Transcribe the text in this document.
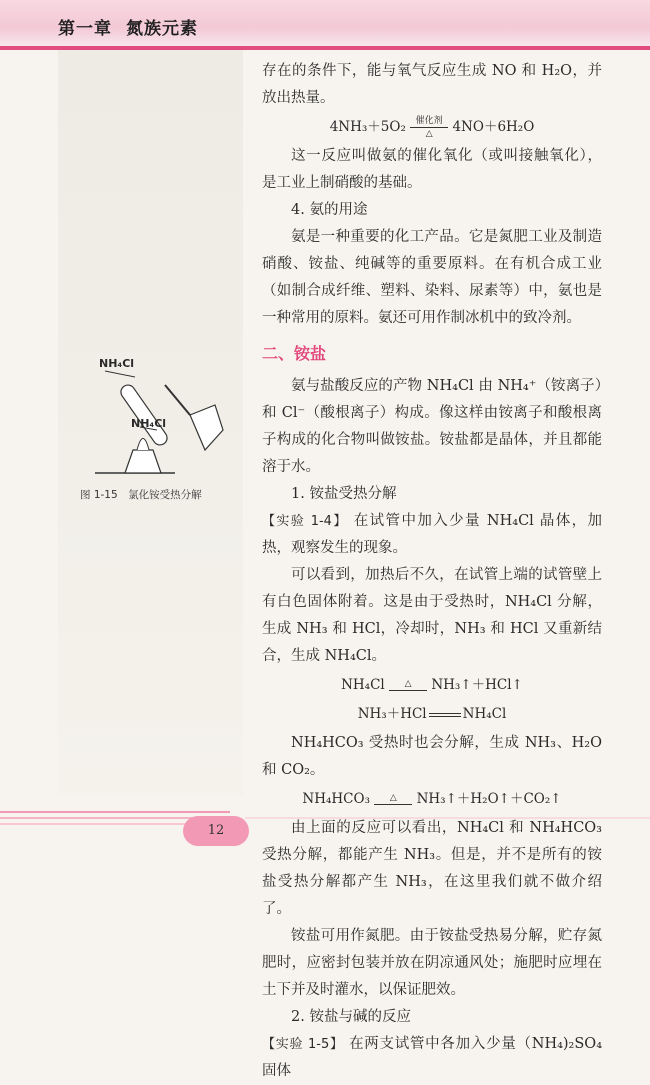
第一章 氮族元素
NH₄Cl
NH₄Cl
图 1-15　氯化铵受热分解

存在的条件下，能与氧气反应生成 NO 和 H₂O，并放出热量。

4NH₃＋5O₂	催化剂
△	4NO＋6H₂O

这一反应叫做氨的催化氧化（或叫接触氧化），是工业上制硝酸的基础。

4. 氨的用途

氨是一种重要的化工产品。它是氮肥工业及制造硝酸、铵盐、纯碱等的重要原料。在有机合成工业（如制合成纤维、塑料、染料、尿素等）中，氨也是一种常用的原料。氨还可用作制冰机中的致冷剂。

二、铵盐

氨与盐酸反应的产物 NH₄Cl 由 NH₄⁺（铵离子）和 Cl⁻（酸根离子）构成。像这样由铵离子和酸根离子构成的化合物叫做铵盐。铵盐都是晶体，并且都能溶于水。

1. 铵盐受热分解

【实验 1-4】 在试管中加入少量 NH₄Cl 晶体，加热，观察发生的现象。

可以看到，加热后不久，在试管上端的试管壁上有白色固体附着。这是由于受热时，NH₄Cl 分解，生成 NH₃ 和 HCl，冷却时，NH₃ 和 HCl 又重新结合，生成 NH₄Cl。

NH₄Cl	△	NH₃↑＋HCl↑
NH₃＋HCl	NH₄Cl

NH₄HCO₃ 受热时也会分解，生成 NH₃、H₂O 和 CO₂。

NH₄HCO₃	△	NH₃↑＋H₂O↑＋CO₂↑

由上面的反应可以看出，NH₄Cl 和 NH₄HCO₃ 受热分解，都能产生 NH₃。但是，并不是所有的铵盐受热分解都产生 NH₃，在这里我们就不做介绍了。

铵盐可用作氮肥。由于铵盐受热易分解，贮存氮肥时，应密封包装并放在阴凉通风处；施肥时应埋在土下并及时灌水，以保证肥效。

2. 铵盐与碱的反应

【实验 1-5】 在两支试管中各加入少量（NH₄)₂SO₄ 固体

12
